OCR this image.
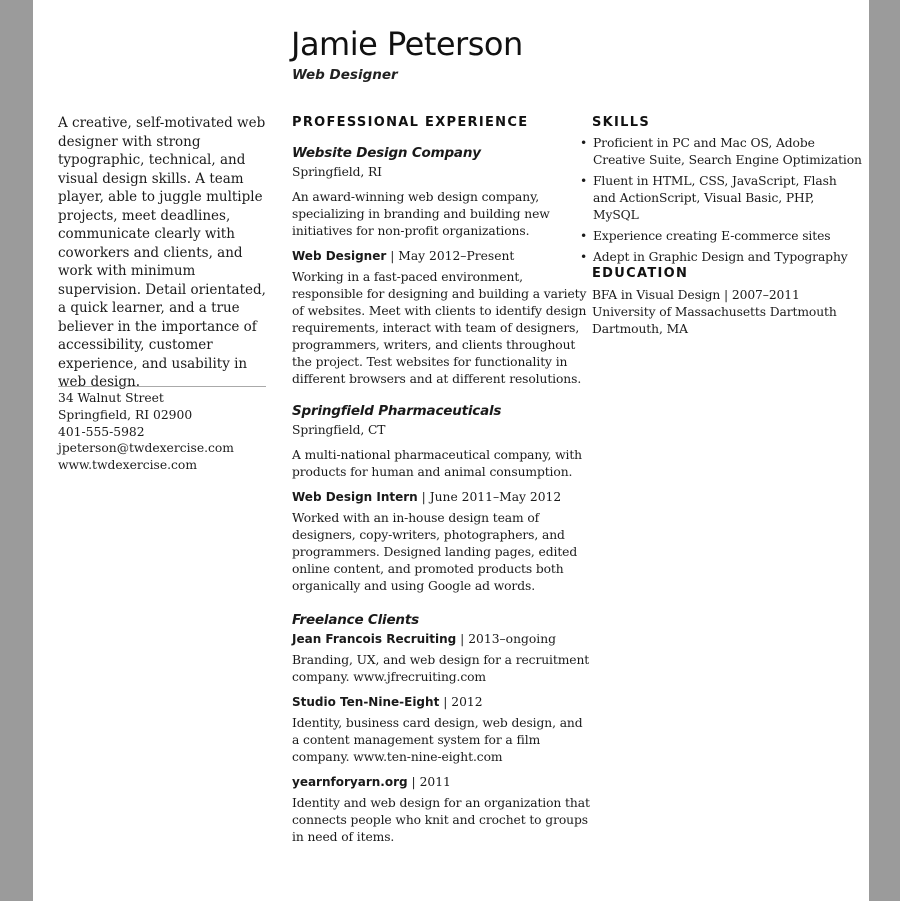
Jamie Peterson
Web Designer
A creative, self-motivated web designer with strong typographic, technical, and visual design skills. A team player, able to juggle multiple projects, meet deadlines, communicate clearly with coworkers and clients, and work with minimum supervision. Detail orientated, a quick learner, and a true believer in the importance of accessibility, customer experience, and usability in web design.
34 Walnut Street
Springfield, RI 02900
401-555-5982
jpeterson@twdexercise.com
www.twdexercise.com
PROFESSIONAL EXPERIENCE
Website Design Company

Springfield, RI

An award-winning web design company, specializing in branding and building new initiatives for non-profit organizations.

Web Designer | May 2012–Present

Working in a fast-paced environment, responsible for designing and building a variety of websites. Meet with clients to identify design requirements, interact with team of designers, programmers, writers, and clients throughout the project. Test websites for functionality in different browsers and at different resolutions.

Springfield Pharmaceuticals

Springfield, CT

A multi-national pharmaceutical company, with products for human and animal consumption.

Web Design Intern | June 2011–May 2012

Worked with an in-house design team of designers, copy-writers, photographers, and programmers. Designed landing pages, edited online content, and promoted products both organically and using Google ad words.

Freelance Clients

Jean Francois Recruiting | 2013–ongoing

Branding, UX, and web design for a recruitment company. www.jfrecruiting.com

Studio Ten-Nine-Eight | 2012

Identity, business card design, web design, and a content management system for a film company. www.ten-nine-eight.com

yearnforyarn.org | 2011

Identity and web design for an organization that connects people who knit and crochet to groups in need of items.

SKILLS
• Proficient in PC and Mac OS, Adobe Creative Suite, Search Engine Optimization
• Fluent in HTML, CSS, JavaScript, Flash and ActionScript, Visual Basic, PHP, MySQL
• Experience creating E-commerce sites
• Adept in Graphic Design and Typography
EDUCATION

BFA in Visual Design | 2007–2011

University of Massachusetts Dartmouth

Dartmouth, MA
